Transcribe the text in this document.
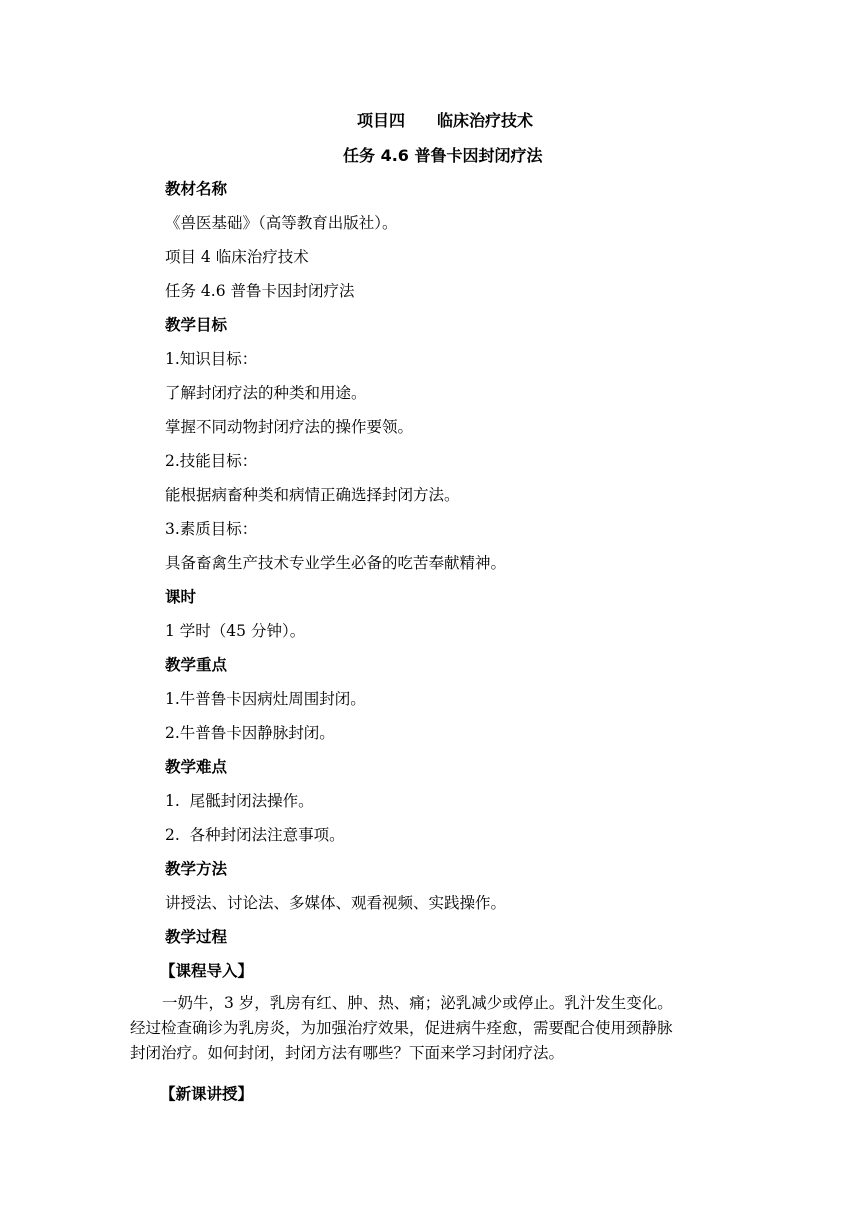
项目四 临床治疗技术
任务 4.6 普鲁卡因封闭疗法
教材名称
《兽医基础》（高等教育出版社）。
项目 4 临床治疗技术
任务 4.6 普鲁卡因封闭疗法
教学目标
1.知识目标：
了解封闭疗法的种类和用途。
掌握不同动物封闭疗法的操作要领。
2.技能目标：
能根据病畜种类和病情正确选择封闭方法。
3.素质目标：
具备畜禽生产技术专业学生必备的吃苦奉献精神。
课时
1 学时（45 分钟）。
教学重点
1.牛普鲁卡因病灶周围封闭。
2.牛普鲁卡因静脉封闭。
教学难点
1.  尾骶封闭法操作。
2.  各种封闭法注意事项。
教学方法
讲授法、讨论法、多媒体、观看视频、实践操作。
教学过程
【课程导入】
一奶牛，3 岁，乳房有红、肿、热、痛；泌乳减少或停止。乳汁发生变化。
经过检查确诊为乳房炎，为加强治疗效果，促进病牛痊愈，需要配合使用颈静脉
封闭治疗。如何封闭，封闭方法有哪些？下面来学习封闭疗法。
【新课讲授】
